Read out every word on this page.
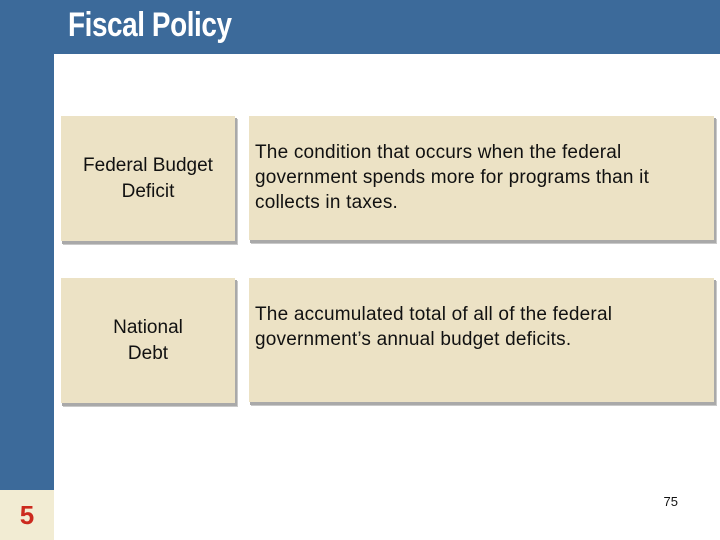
Fiscal Policy
Federal Budget Deficit
The condition that occurs when the federal government spends more for programs than it collects in taxes.
National Debt
The accumulated total of all of the federal government’s annual budget deficits.
5	75
